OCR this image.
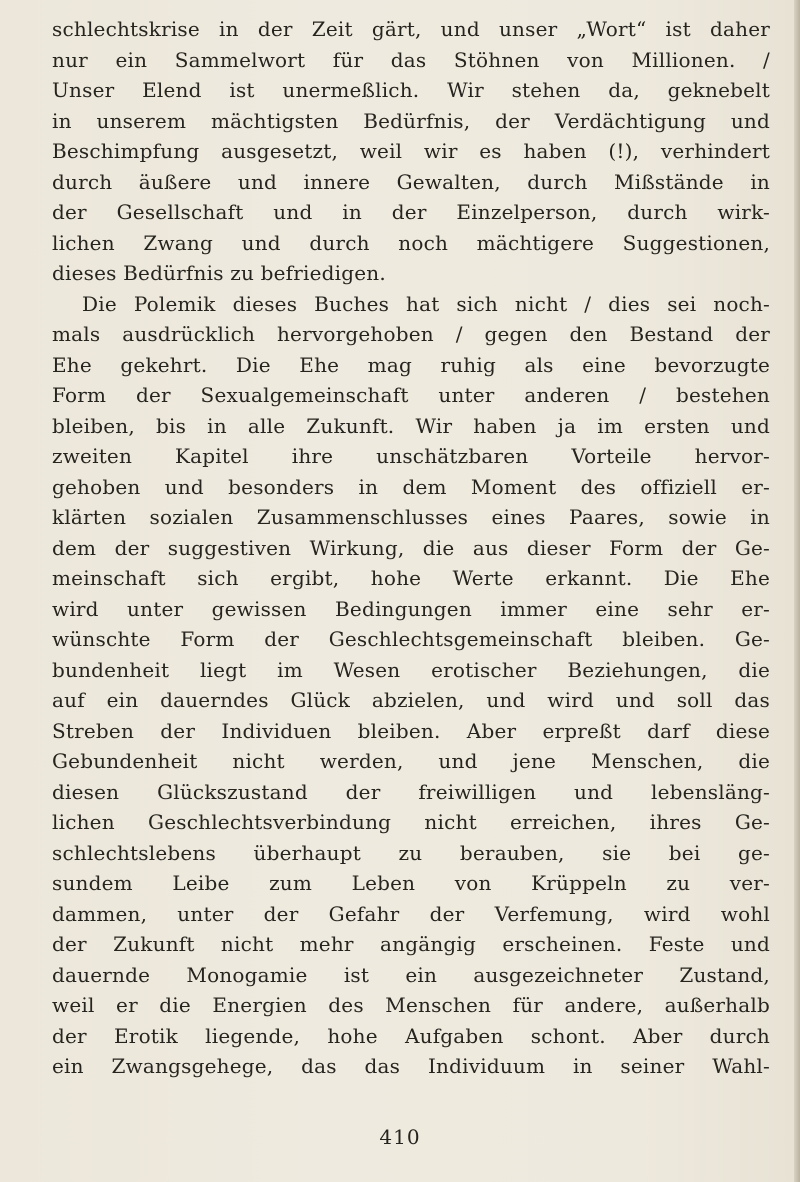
schlechtskrise in der Zeit gärt, und unser „Wort“ ist daher
nur ein Sammelwort für das Stöhnen von Millionen. /
Unser Elend ist unermeßlich. Wir stehen da, geknebelt
in unserem mächtigsten Bedürfnis, der Verdächtigung und
Beschimpfung ausgesetzt, weil wir es haben (!), verhindert
durch äußere und innere Gewalten, durch Mißstände in
der Gesellschaft und in der Einzelperson, durch wirk-
lichen Zwang und durch noch mächtigere Suggestionen,
dieses Bedürfnis zu befriedigen.
Die Polemik dieses Buches hat sich nicht / dies sei noch-
mals ausdrücklich hervorgehoben / gegen den Bestand der
Ehe gekehrt. Die Ehe mag ruhig als eine bevorzugte
Form der Sexualgemeinschaft unter anderen / bestehen
bleiben, bis in alle Zukunft. Wir haben ja im ersten und
zweiten Kapitel ihre unschätzbaren Vorteile hervor-
gehoben und besonders in dem Moment des offiziell er-
klärten sozialen Zusammenschlusses eines Paares, sowie in
dem der suggestiven Wirkung, die aus dieser Form der Ge-
meinschaft sich ergibt, hohe Werte erkannt. Die Ehe
wird unter gewissen Bedingungen immer eine sehr er-
wünschte Form der Geschlechtsgemeinschaft bleiben. Ge-
bundenheit liegt im Wesen erotischer Beziehungen, die
auf ein dauerndes Glück abzielen, und wird und soll das
Streben der Individuen bleiben. Aber erpreßt darf diese
Gebundenheit nicht werden, und jene Menschen, die
diesen Glückszustand der freiwilligen und lebensläng-
lichen Geschlechtsverbindung nicht erreichen, ihres Ge-
schlechtslebens überhaupt zu berauben, sie bei ge-
sundem Leibe zum Leben von Krüppeln zu ver-
dammen, unter der Gefahr der Verfemung, wird wohl
der Zukunft nicht mehr angängig erscheinen. Feste und
dauernde Monogamie ist ein ausgezeichneter Zustand,
weil er die Energien des Menschen für andere, außerhalb
der Erotik liegende, hohe Aufgaben schont. Aber durch
ein Zwangsgehege, das das Individuum in seiner Wahl-
410
